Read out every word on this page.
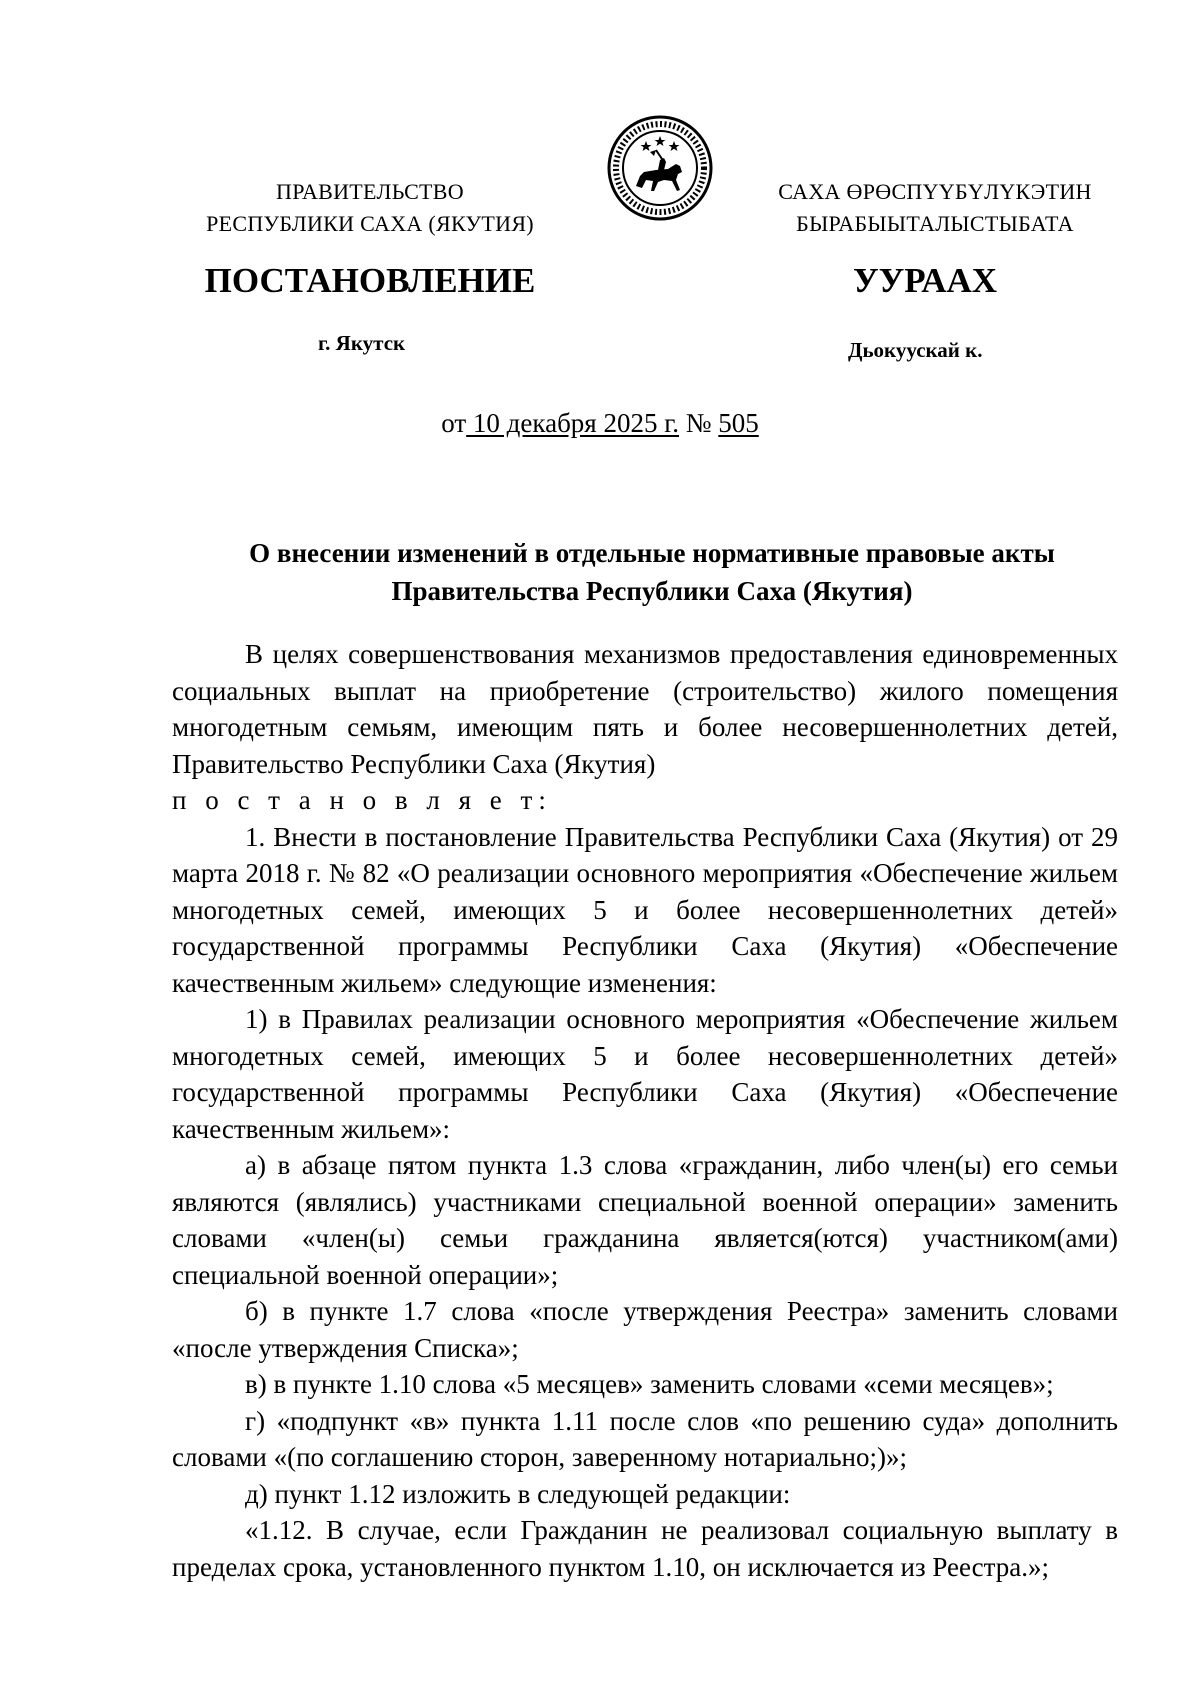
ПРАВИТЕЛЬСТВО
РЕСПУБЛИКИ САХА (ЯКУТИЯ)
САХА ӨРӨСПҮҮБҮЛҮКЭТИН
БЫРАБЫЫТАЛЫСТЫБАТА
ПОСТАНОВЛЕНИЕ	УУРААХ
г. Якутск	Дьокуускай к.
от 10 декабря 2025 г. № 505
О внесении изменений в отдельные нормативные правовые акты
Правительства Республики Саха (Якутия)

В целях совершенствования механизмов предоставления единовременных социальных выплат на приобретение (строительство) жилого помещения многодетным семьям, имеющим пять и более несовершеннолетних детей, Правительство Республики Саха (Якутия)

п о с т а н о в л я е т:

1. Внести в постановление Правительства Республики Саха (Якутия) от 29 марта 2018 г. № 82 «О реализации основного мероприятия «Обеспечение жильем многодетных семей, имеющих 5 и более несовершеннолетних детей» государственной программы Республики Саха (Якутия) «Обеспечение качественным жильем» следующие изменения:

1) в Правилах реализации основного мероприятия «Обеспечение жильем многодетных семей, имеющих 5 и более несовершеннолетних детей» государственной программы Республики Саха (Якутия) «Обеспечение качественным жильем»:

а) в абзаце пятом пункта 1.3 слова «гражданин, либо член(ы) его семьи являются (являлись) участниками специальной военной операции» заменить словами «член(ы) семьи гражданина является(ются) участником(ами) специальной военной операции»;

б) в пункте 1.7 слова «после утверждения Реестра» заменить словами «после утверждения Списка»;

в) в пункте 1.10 слова «5 месяцев» заменить словами «семи месяцев»;

г) «подпункт «в» пункта 1.11 после слов «по решению суда» дополнить словами «(по соглашению сторон, заверенному нотариально;)»;

д) пункт 1.12 изложить в следующей редакции:

«1.12. В случае, если Гражданин не реализовал социальную выплату в пределах срока, установленного пунктом 1.10, он исключается из Реестра.»;
